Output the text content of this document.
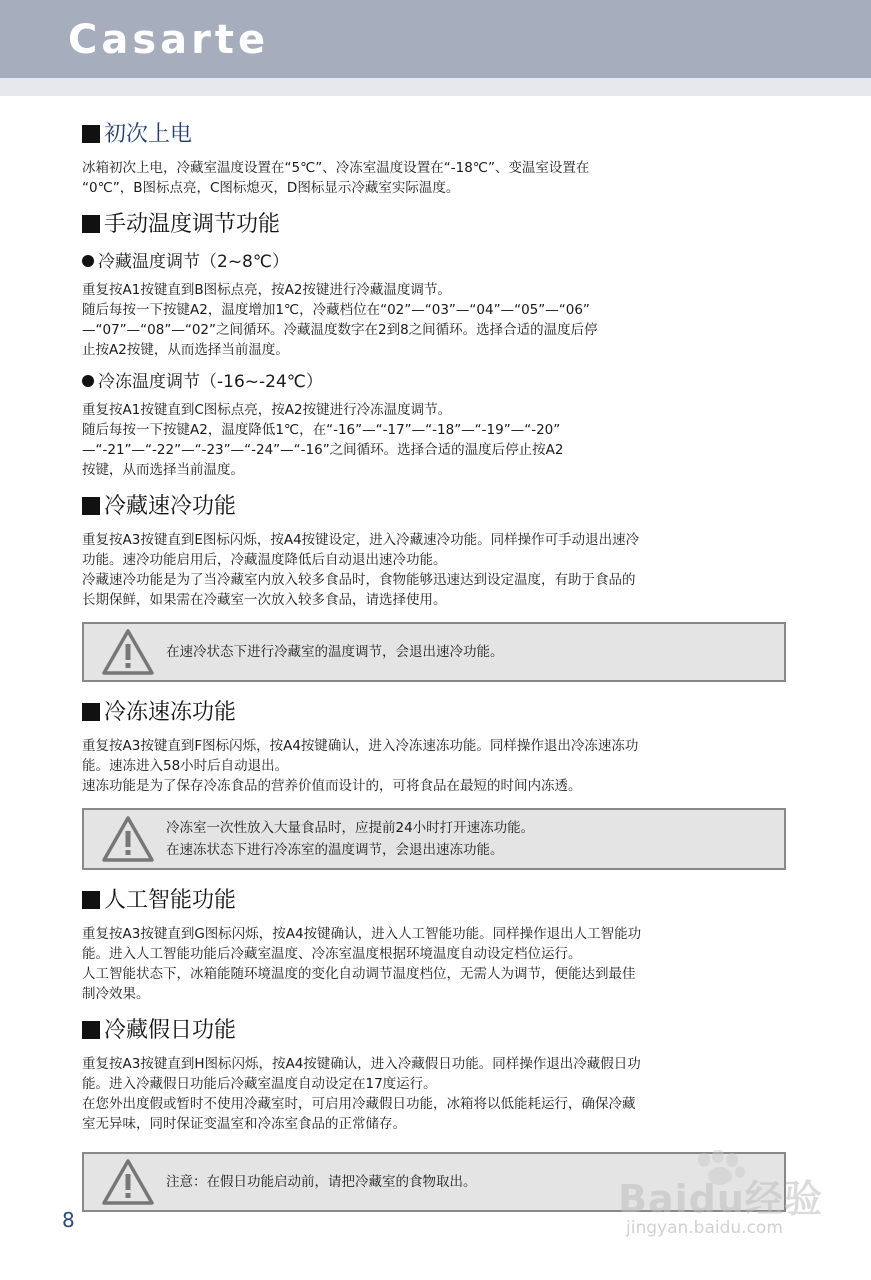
Casarte
初次上电
冰箱初次上电，冷藏室温度设置在“5℃”、冷冻室温度设置在“-18℃”、变温室设置在
“0℃”，B图标点亮，C图标熄灭，D图标显示冷藏室实际温度。
手动温度调节功能
冷藏温度调节（2~8℃）
重复按A1按键直到B图标点亮，按A2按键进行冷藏温度调节。
随后每按一下按键A2，温度增加1℃，冷藏档位在“02”—“03”—“04”—“05”—“06”
—“07”—“08”—“02”之间循环。冷藏温度数字在2到8之间循环。选择合适的温度后停
止按A2按键，从而选择当前温度。
冷冻温度调节（-16~-24℃）
重复按A1按键直到C图标点亮，按A2按键进行冷冻温度调节。
随后每按一下按键A2，温度降低1℃，在“-16”—“-17”—“-18”—“-19”—“-20”
—“-21”—“-22”—“-23”—“-24”—“-16”之间循环。选择合适的温度后停止按A2
按键，从而选择当前温度。
冷藏速冷功能
重复按A3按键直到E图标闪烁，按A4按键设定，进入冷藏速冷功能。同样操作可手动退出速冷
功能。速冷功能启用后，冷藏温度降低后自动退出速冷功能。
冷藏速冷功能是为了当冷藏室内放入较多食品时，食物能够迅速达到设定温度，有助于食品的
长期保鲜，如果需在冷藏室一次放入较多食品，请选择使用。
在速冷状态下进行冷藏室的温度调节，会退出速冷功能。
冷冻速冻功能
重复按A3按键直到F图标闪烁，按A4按键确认，进入冷冻速冻功能。同样操作退出冷冻速冻功
能。速冻进入58小时后自动退出。
速冻功能是为了保存冷冻食品的营养价值而设计的，可将食品在最短的时间内冻透。
冷冻室一次性放入大量食品时，应提前24小时打开速冻功能。
在速冻状态下进行冷冻室的温度调节，会退出速冻功能。
人工智能功能
重复按A3按键直到G图标闪烁，按A4按键确认，进入人工智能功能。同样操作退出人工智能功
能。进入人工智能功能后冷藏室温度、冷冻室温度根据环境温度自动设定档位运行。
人工智能状态下，冰箱能随环境温度的变化自动调节温度档位，无需人为调节，便能达到最佳
制冷效果。
冷藏假日功能
重复按A3按键直到H图标闪烁，按A4按键确认，进入冷藏假日功能。同样操作退出冷藏假日功
能。进入冷藏假日功能后冷藏室温度自动设定在17度运行。
在您外出度假或暂时不使用冷藏室时，可启用冷藏假日功能，冰箱将以低能耗运行，确保冷藏
室无异味，同时保证变温室和冷冻室食品的正常储存。
注意：在假日功能启动前，请把冷藏室的食物取出。
8	Baidu经验
jingyan.baidu.com
